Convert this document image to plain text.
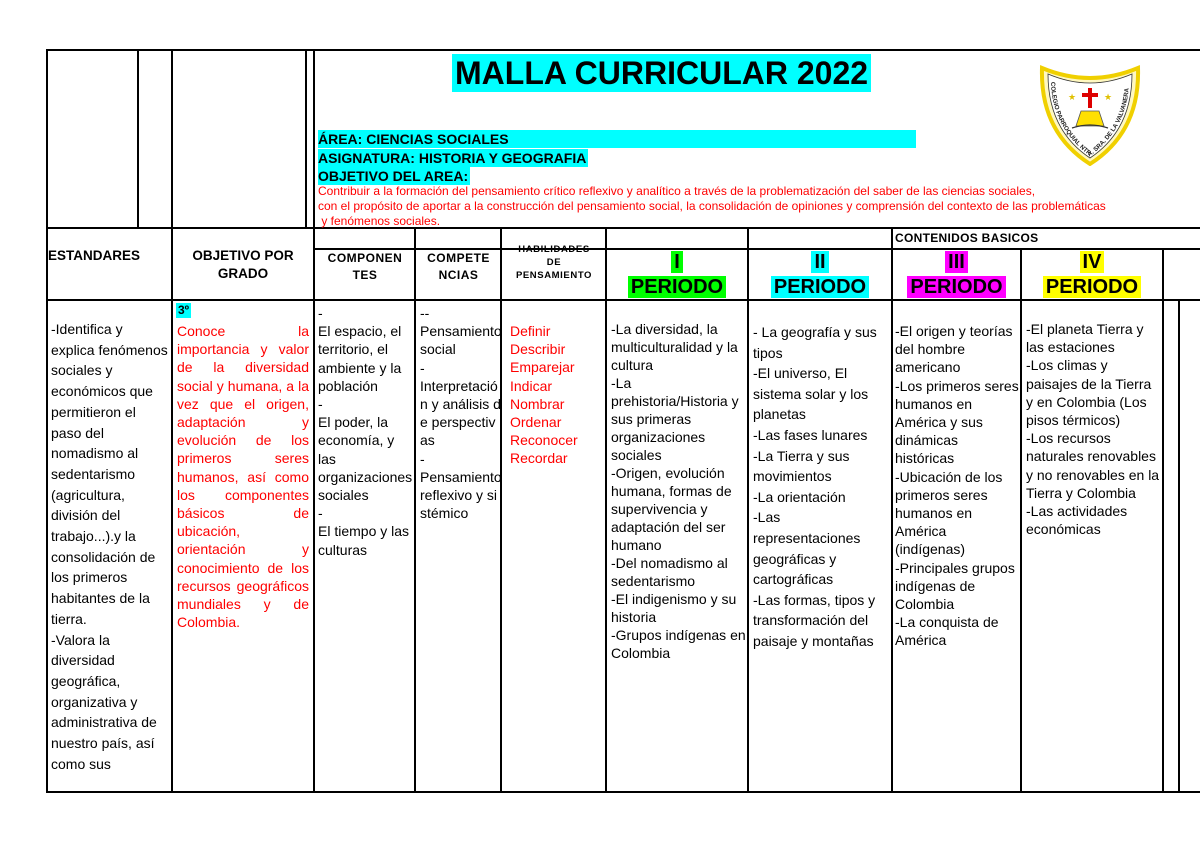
MALLA CURRICULAR 2022
ÁREA: CIENCIAS SOCIALES
ASIGNATURA: HISTORIA Y GEOGRAFIA
OBJETIVO DEL AREA:
Contribuir a la formación del pensamiento crítico reflexivo y analítico a través de la problematización del saber de las ciencias sociales,
con el propósito de aportar a la construcción del pensamiento social, la consolidación de opiniones y comprensión del contexto de las problemáticas
y fenómenos sociales.
COLEGIO PARROQUIAL NTRA. SRA. DE LA VALVANERA
★	★
ESTANDARES	OBJETIVO POR GRADO
COMPONEN
TES
COMPETE
NCIAS
HABILIDADES
DE
PENSAMIENTO
CONTENIDOS BASICOS
I
PERIODO
II
PERIODO
III
PERIODO
IV
PERIODO
-Identifica y explica fenómenos sociales y económicos que permitieron el paso del nomadismo al sedentarismo (agricultura, división del trabajo...).y la consolidación de los primeros habitantes de la tierra.
-Valora la diversidad geográfica, organizativa y administrativa de nuestro país, así como sus
3º
Conoce la importancia y valor de la diversidad social y humana, a la vez que el origen, adaptación y evolución de los primeros seres humanos, así como los componentes básicos de ubicación, orientación y conocimiento de los recursos geográficos mundiales y de Colombia.
-
El espacio, el territorio, el ambiente y la población
-
El poder, la economía, y las organizaciones sociales
-
El tiempo y las culturas
--
Pensamiento social
-
Interpretación y análisis de perspectivas
-
Pensamiento reflexivo y sistémico
Definir
Describir
Emparejar
Indicar
Nombrar
Ordenar
Reconocer
Recordar
-La diversidad, la multiculturalidad y la cultura
-La prehistoria/Historia y sus primeras organizaciones sociales
-Origen, evolución humana, formas de supervivencia y adaptación del ser humano
-Del nomadismo al sedentarismo
-El indigenismo y su historia
-Grupos indígenas en Colombia
- La geografía y sus tipos
-El universo, El sistema solar y los planetas
-Las fases lunares
-La Tierra y sus movimientos
-La orientación
-Las representaciones geográficas y cartográficas
-Las formas, tipos y transformación del paisaje y montañas
-El origen y teorías del hombre americano
-Los primeros seres humanos en América y sus dinámicas históricas
-Ubicación de los primeros seres humanos en América (indígenas)
-Principales grupos indígenas de Colombia
-La conquista de América
-El planeta Tierra y las estaciones
-Los climas y paisajes de la Tierra y en Colombia (Los pisos térmicos)
-Los recursos naturales renovables y no renovables en la Tierra y Colombia
-Las actividades económicas
